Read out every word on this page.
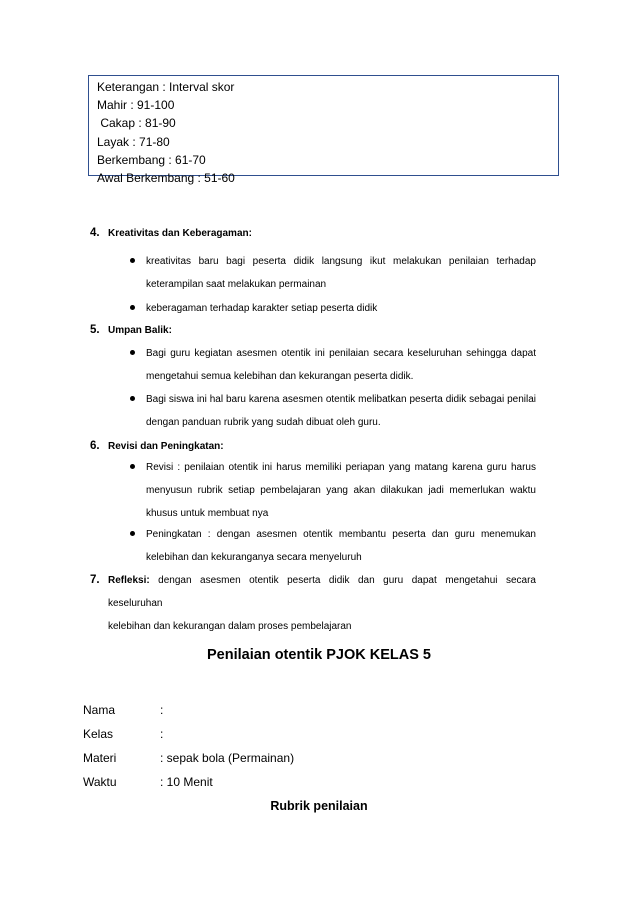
Keterangan : Interval skor
Mahir : 91-100
Cakap : 81-90
Layak : 71-80
Berkembang : 61-70
Awal Berkembang : 51-60
4. Kreativitas dan Keberagaman:
kreativitas baru bagi peserta didik langsung ikut melakukan penilaian terhadap
keterampilan saat melakukan permainan
keberagaman terhadap karakter setiap peserta didik
5. Umpan Balik:
Bagi guru kegiatan asesmen otentik ini penilaian secara keseluruhan sehingga dapat
mengetahui semua kelebihan dan kekurangan peserta didik.
Bagi siswa ini hal baru karena asesmen otentik melibatkan peserta didik sebagai penilai
dengan panduan rubrik yang sudah dibuat oleh guru.
6. Revisi dan Peningkatan:
Revisi : penilaian otentik ini harus memiliki periapan yang matang karena guru harus
menyusun rubrik setiap pembelajaran yang akan dilakukan jadi memerlukan waktu
khusus untuk membuat nya
Peningkatan : dengan asesmen otentik membantu peserta dan guru menemukan
kelebihan dan kekuranganya secara menyeluruh
7. Refleksi: dengan asesmen otentik peserta didik dan guru dapat mengetahui secara keseluruhan
kelebihan dan kekurangan dalam proses pembelajaran
Penilaian otentik PJOK KELAS 5
Nama	:
Kelas	:
Materi	: sepak bola (Permainan)
Waktu	: 10 Menit
Rubrik penilaian
